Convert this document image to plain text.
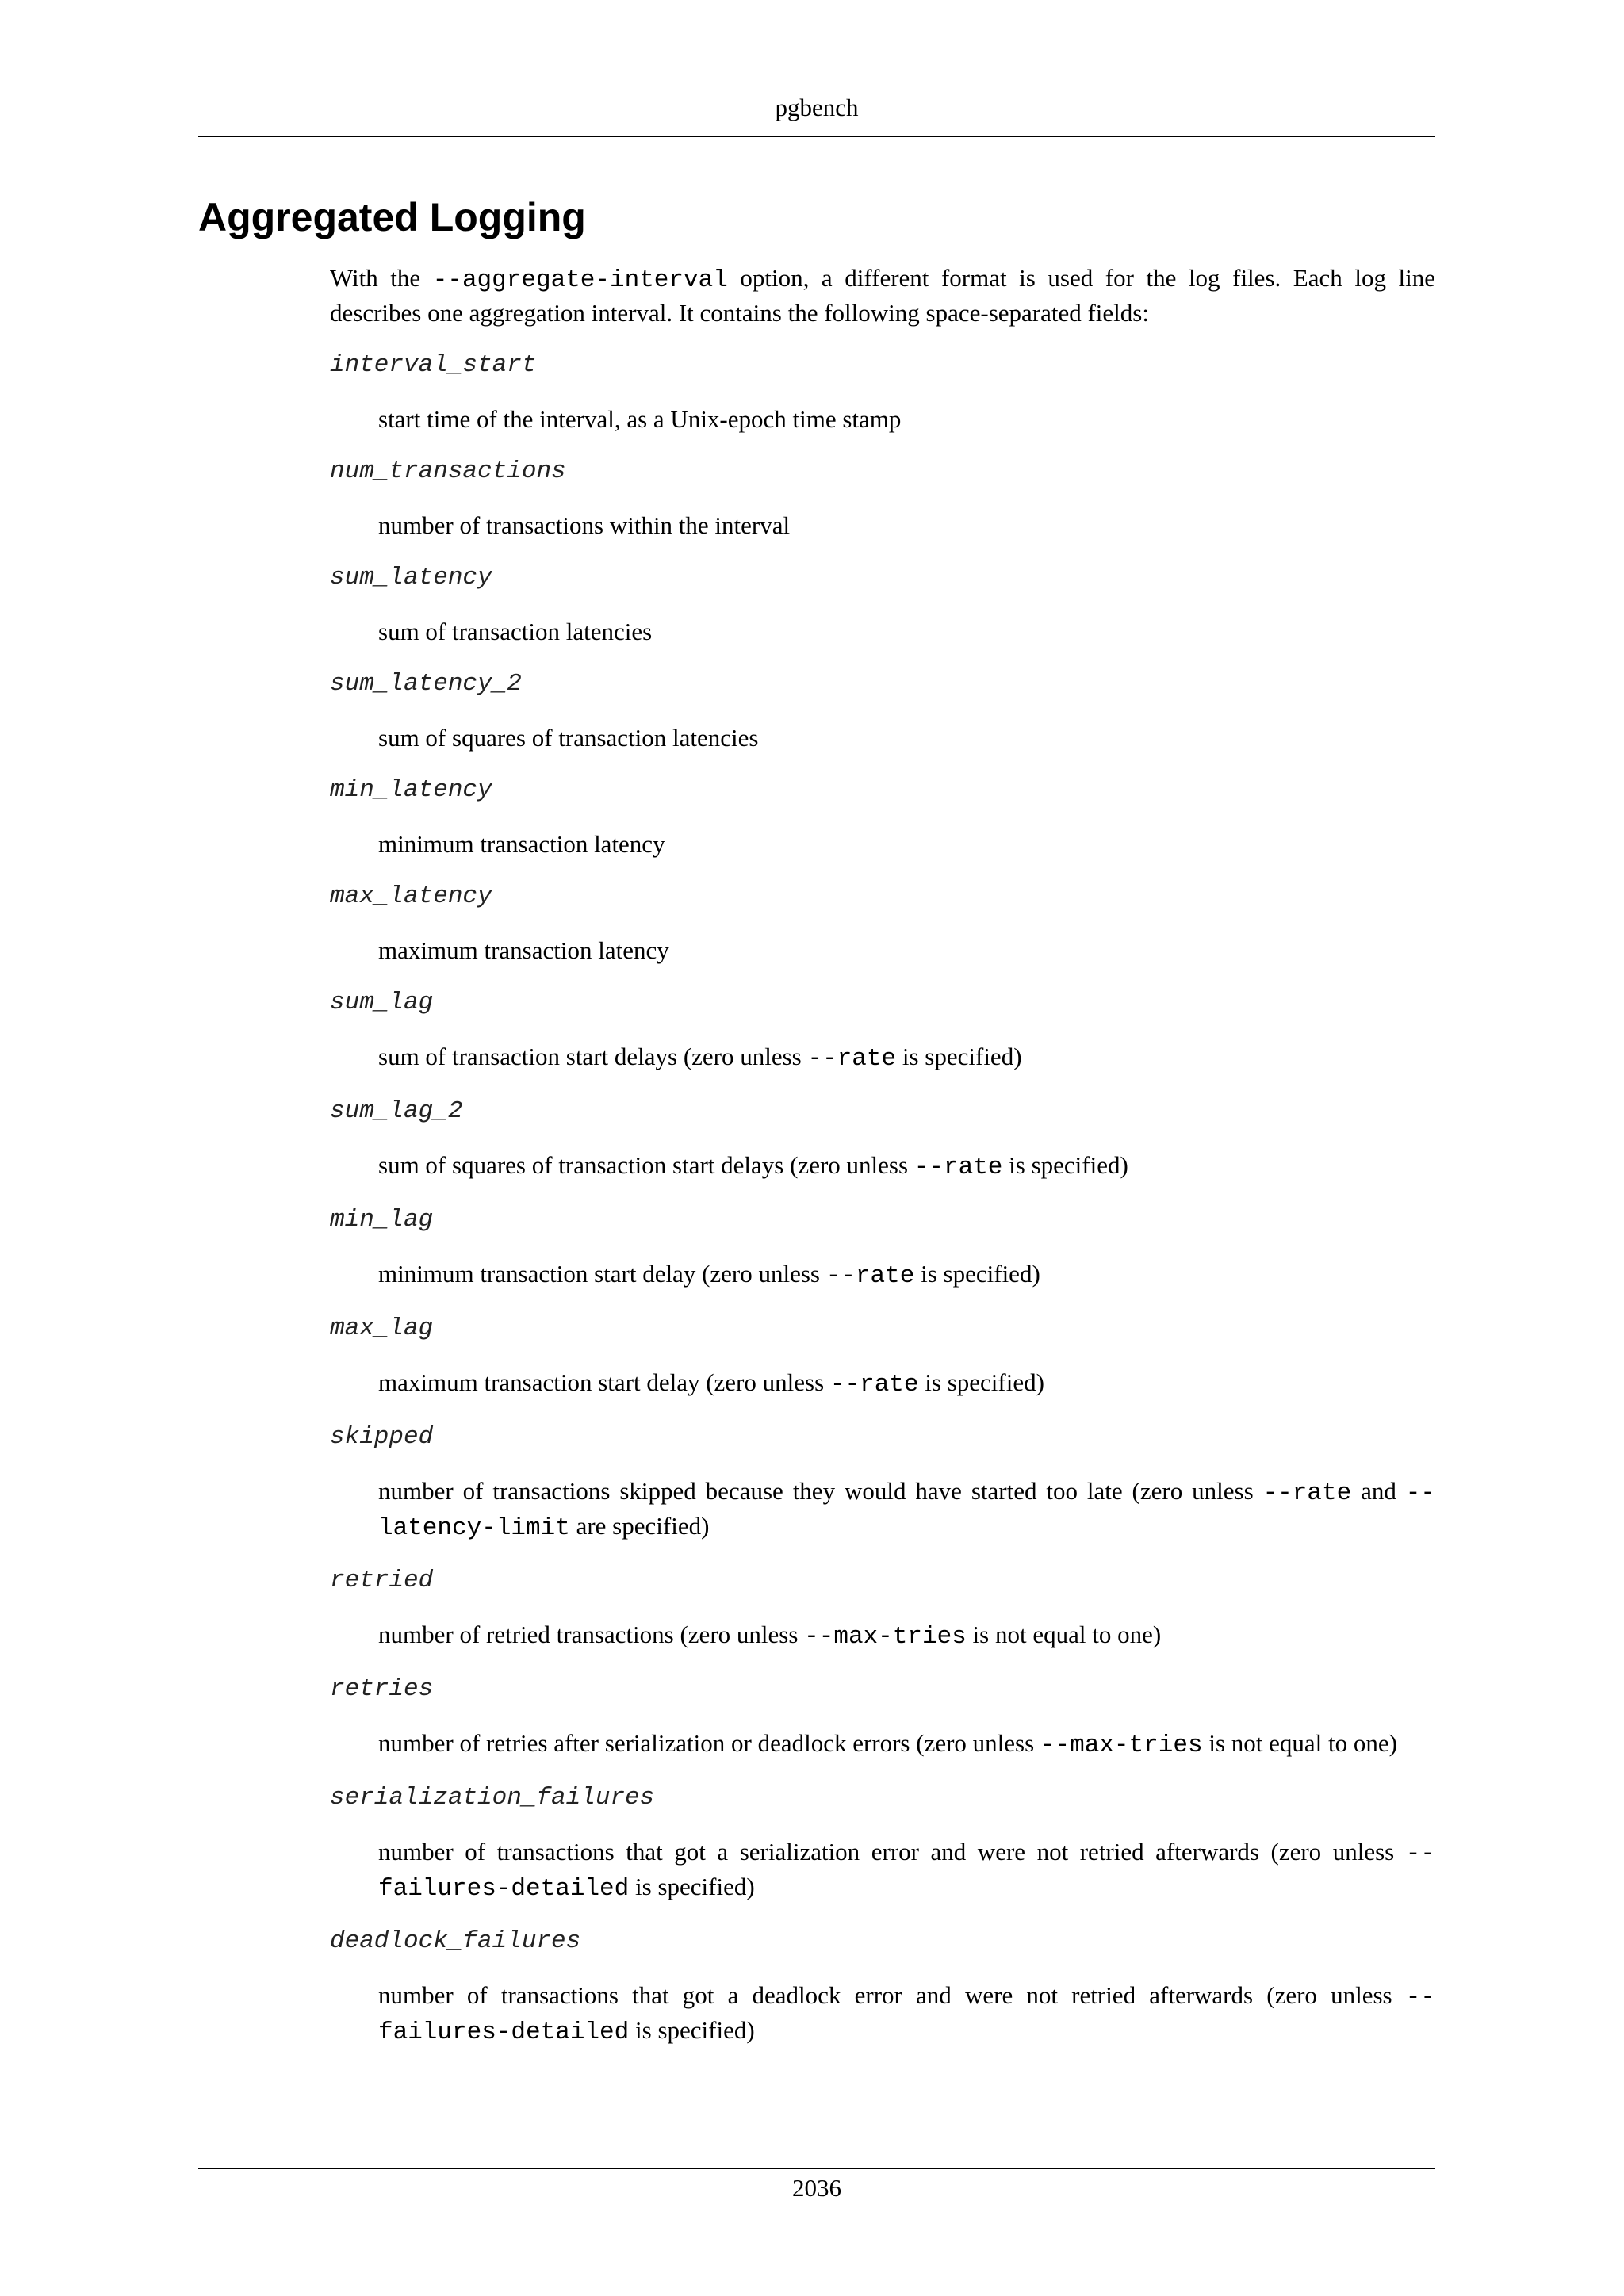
pgbench
Aggregated Logging

With the --aggregate-interval option, a different format is used for the log files. Each log line describes one aggregation interval. It contains the following space-separated fields:

interval_start
start time of the interval, as a Unix-epoch time stamp
num_transactions
number of transactions within the interval
sum_latency
sum of transaction latencies
sum_latency_2
sum of squares of transaction latencies
min_latency
minimum transaction latency
max_latency
maximum transaction latency
sum_lag
sum of transaction start delays (zero unless --rate is specified)
sum_lag_2
sum of squares of transaction start delays (zero unless --rate is specified)
min_lag
minimum transaction start delay (zero unless --rate is specified)
max_lag
maximum transaction start delay (zero unless --rate is specified)
skipped
number of transactions skipped because they would have started too late (zero unless --rate and --latency-limit are specified)
retried
number of retried transactions (zero unless --max-tries is not equal to one)
retries
number of retries after serialization or deadlock errors (zero unless --max-tries is not equal to one)
serialization_failures
number of transactions that got a serialization error and were not retried afterwards (zero unless --failures-detailed is specified)
deadlock_failures
number of transactions that got a deadlock error and were not retried afterwards (zero unless --failures-detailed is specified)
2036
